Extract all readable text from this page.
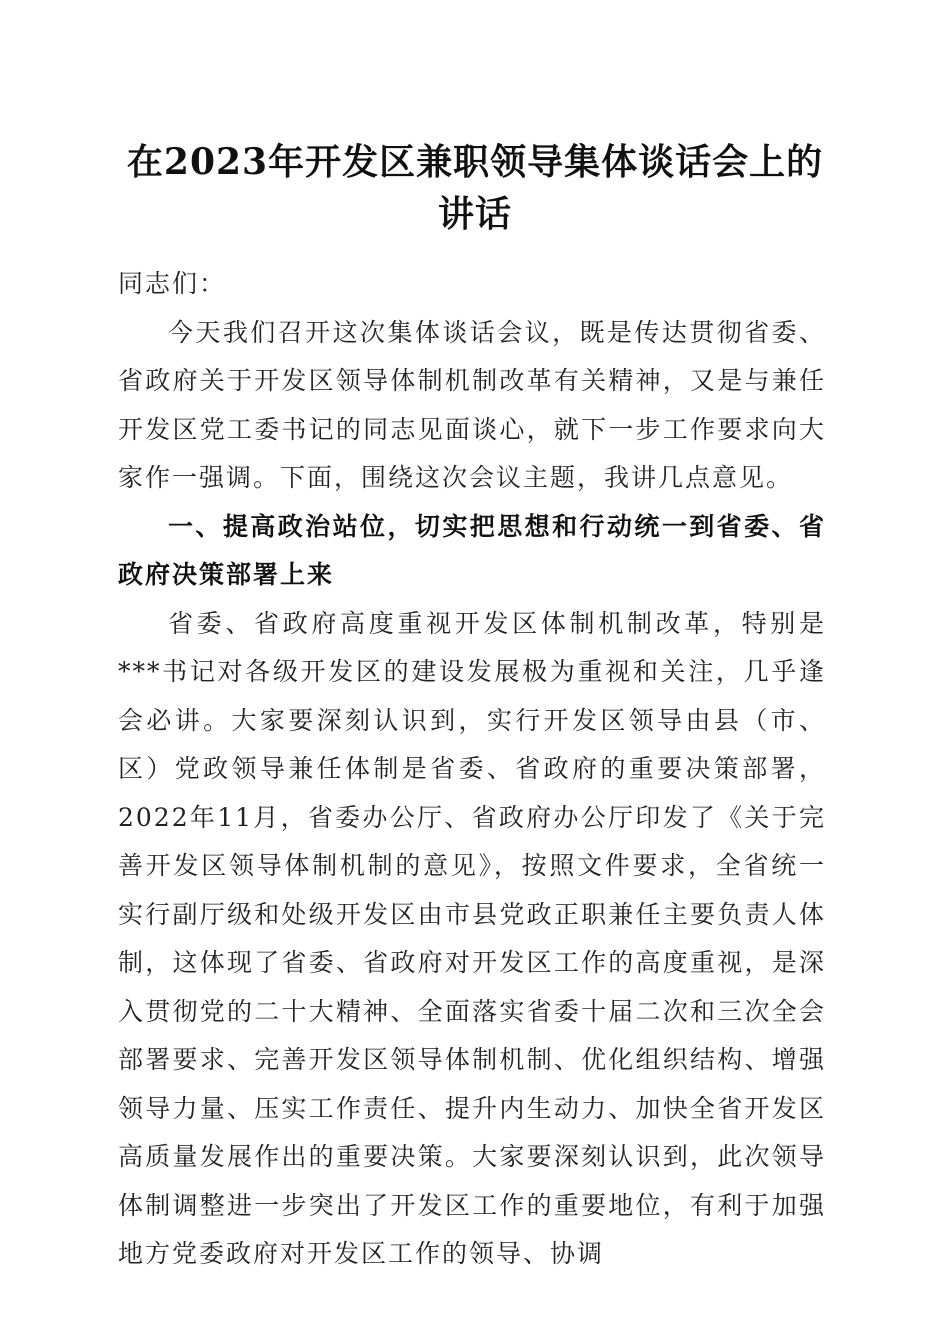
在2023年开发区兼职领导集体谈话会上的讲话

同志们：

今天我们召开这次集体谈话会议，既是传达贯彻省委、省政府关于开发区领导体制机制改革有关精神，又是与兼任开发区党工委书记的同志见面谈心，就下一步工作要求向大家作一强调。下面，围绕这次会议主题，我讲几点意见。

一、提高政治站位，切实把思想和行动统一到省委、省政府决策部署上来

省委、省政府高度重视开发区体制机制改革，特别是***书记对各级开发区的建设发展极为重视和关注，几乎逢会必讲。大家要深刻认识到，实行开发区领导由县（市、区）党政领导兼任体制是省委、省政府的重要决策部署，2022年11月，省委办公厅、省政府办公厅印发了《关于完善开发区领导体制机制的意见》，按照文件要求，全省统一实行副厅级和处级开发区由市县党政正职兼任主要负责人体制，这体现了省委、省政府对开发区工作的高度重视，是深入贯彻党的二十大精神、全面落实省委十届二次和三次全会部署要求、完善开发区领导体制机制、优化组织结构、增强领导力量、压实工作责任、提升内生动力、加快全省开发区高质量发展作出的重要决策。大家要深刻认识到，此次领导体制调整进一步突出了开发区工作的重要地位，有利于加强地方党委政府对开发区工作的领导、协调
